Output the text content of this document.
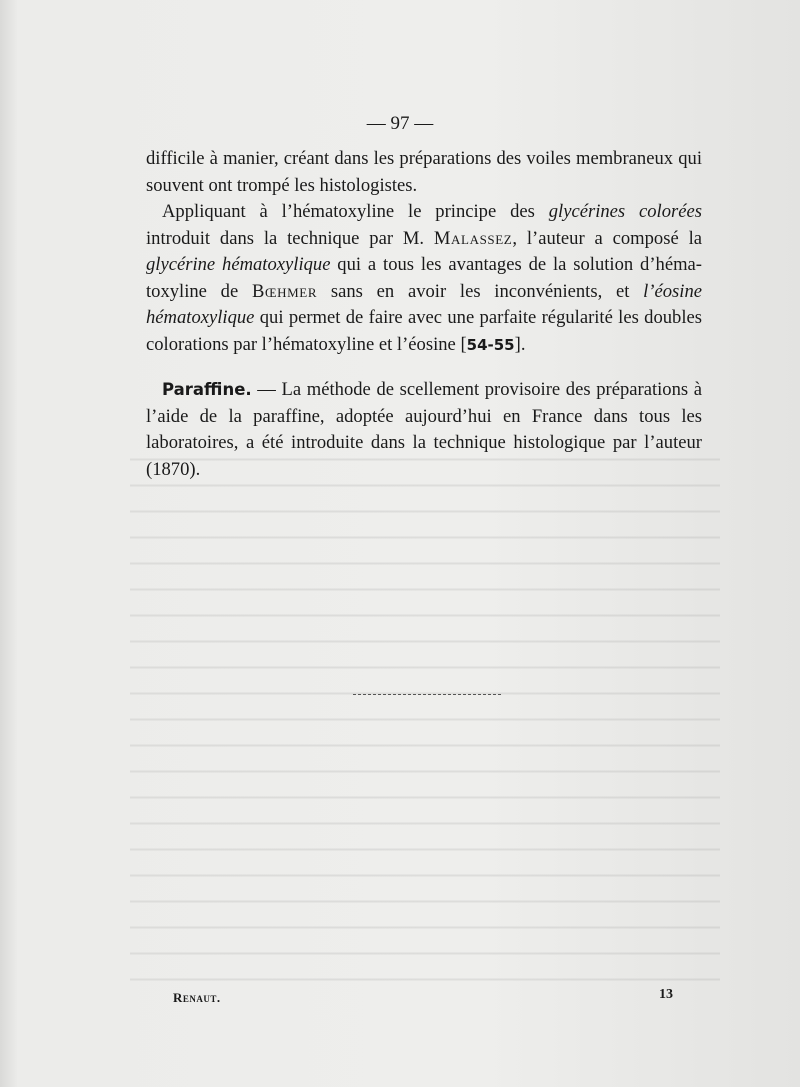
— 97 —

difficile à manier, créant dans les préparations des voiles membraneux qui souvent ont trompé les histologistes.

Appliquant à l’hématoxyline le principe des glycérines colorées introduit dans la technique par M. Malassez, l’auteur a composé la glycérine hématoxylique qui a tous les avantages de la solution d’hématoxyline de Bœhmer sans en avoir les inconvénients, et l’éosine hématoxylique qui permet de faire avec une parfaite régularité les doubles colorations par l’hématoxyline et l’éosine [54-55].

Paraffine. — La méthode de scellement provisoire des préparations à l’aide de la paraffine, adoptée aujourd’hui en France dans tous les laboratoires, a été introduite dans la technique histologique par l’auteur (1870).

Renaut.	13
